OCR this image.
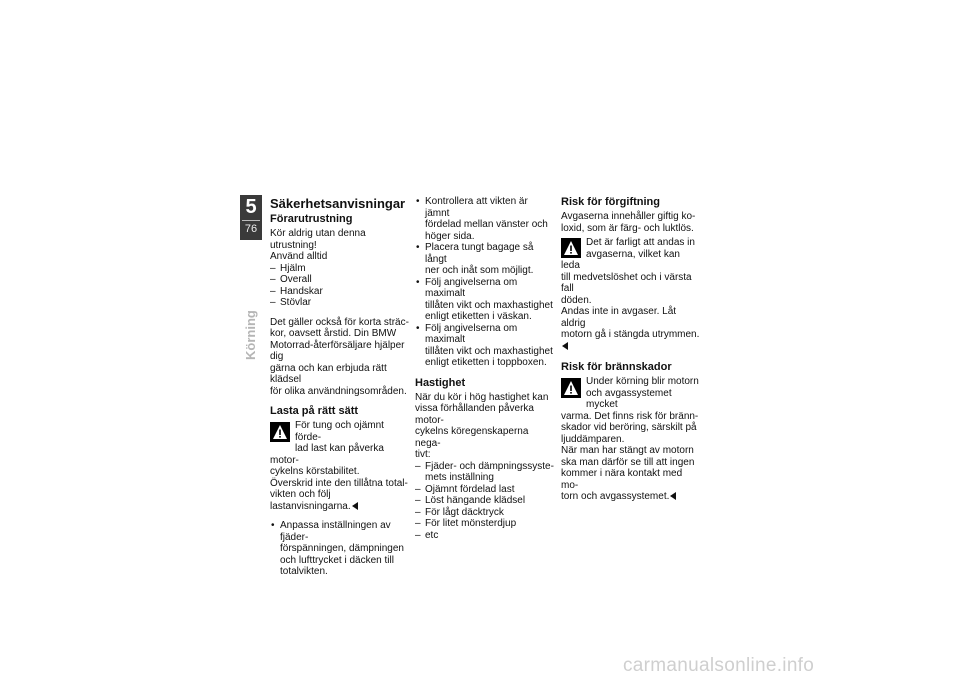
5
76
Körning
Säkerhetsanvisningar
Förarutrustning

Kör aldrig utan denna utrustning!

Använd alltid

– Hjälm
– Overall
– Handskar
– Stövlar

Det gäller också för korta sträc-

kor, oavsett årstid. Din BMW

Motorrad-återförsäljare hjälper dig

gärna och kan erbjuda rätt klädsel

för olika användningsområden.

Lasta på rätt sätt

För tung och ojämnt förde-

lad last kan påverka motor-

cykelns körstabilitet.

Överskrid inte den tillåtna total-

vikten och följ lastanvisningarna.

• Anpassa inställningen av fjäder-
förspänningen, dämpningen
och lufttrycket i däcken till
totalvikten.
• Kontrollera att vikten är jämnt
fördelad mellan vänster och
höger sida.
• Placera tungt bagage så långt
ner och inåt som möjligt.
• Följ angivelserna om maximalt
tillåten vikt och maxhastighet
enligt etiketten i väskan.
• Följ angivelserna om maximalt
tillåten vikt och maxhastighet
enligt etiketten i toppboxen.
Hastighet

När du kör i hög hastighet kan

vissa förhållanden påverka motor-

cykelns köregenskaperna nega-

tivt:

– Fjäder- och dämpningssyste-
mets inställning
– Ojämnt fördelad last
– Löst hängande klädsel
– För lågt däcktryck
– För litet mönsterdjup
– etc
Risk för förgiftning

Avgaserna innehåller giftig ko-

loxid, som är färg- och luktlös.

Det är farligt att andas in

avgaserna, vilket kan leda

till medvetslöshet och i värsta fall

döden.

Andas inte in avgaser. Låt aldrig

motorn gå i stängda utrymmen.

Risk för brännskador

Under körning blir motorn

och avgassystemet mycket

varma. Det finns risk för bränn-

skador vid beröring, särskilt på

ljuddämparen.

När man har stängt av motorn

ska man därför se till att ingen

kommer i nära kontakt med mo-

torn och avgassystemet.

carmanualsonline.info
